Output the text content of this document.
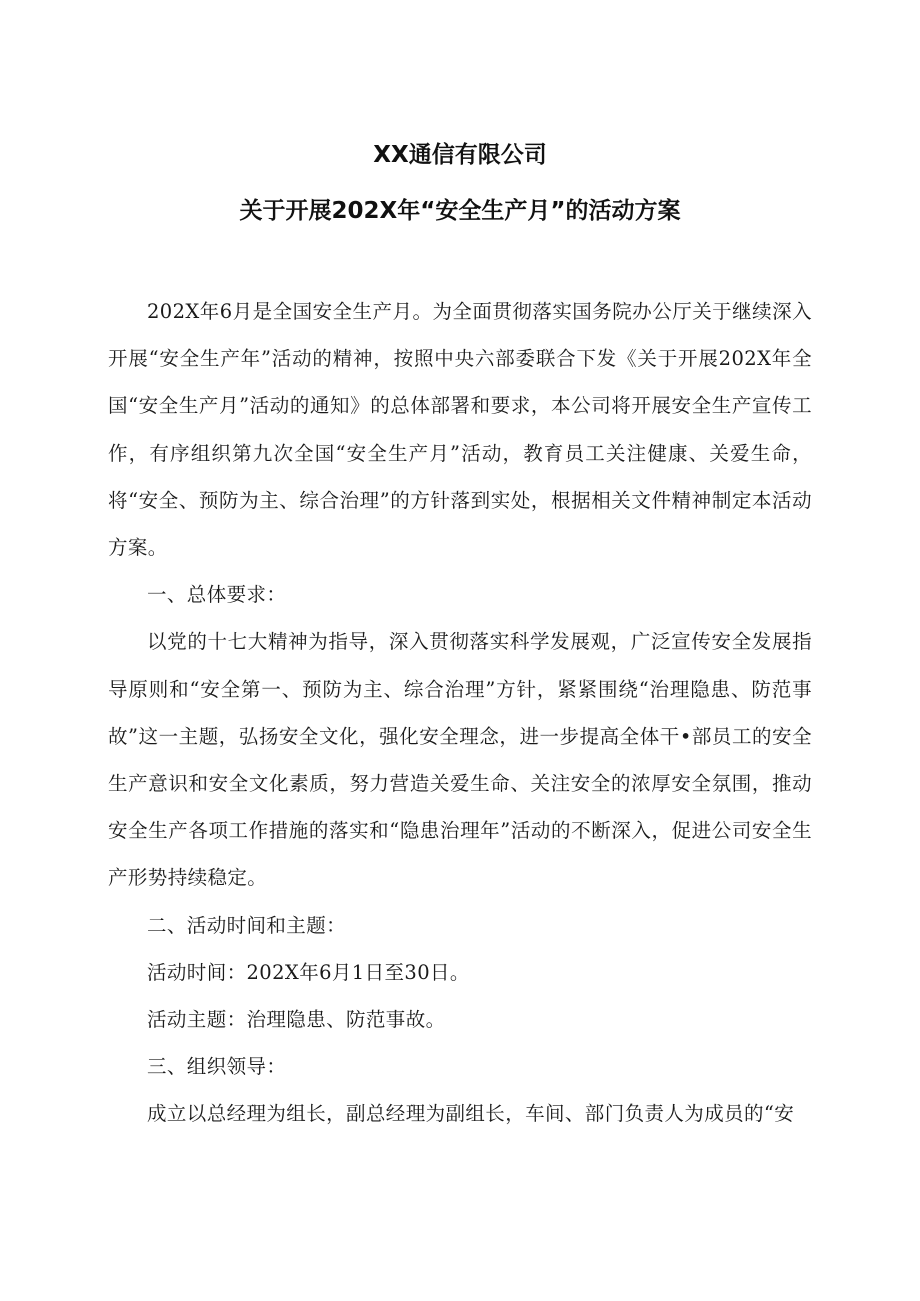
XX通信有限公司
关于开展202X年“安全生产月”的活动方案

202X年6月是全国安全生产月。为全面贯彻落实国务院办公厅关于继续深入开展“安全生产年”活动的精神，按照中央六部委联合下发《关于开展202X年全国“安全生产月”活动的通知》的总体部署和要求，本公司将开展安全生产宣传工作，有序组织第九次全国“安全生产月”活动，教育员工关注健康、关爱生命，将“安全、预防为主、综合治理”的方针落到实处，根据相关文件精神制定本活动方案。

一、总体要求：

以党的十七大精神为指导，深入贯彻落实科学发展观，广泛宣传安全发展指导原则和“安全第一、预防为主、综合治理”方针，紧紧围绕“治理隐患、防范事故”这一主题，弘扬安全文化，强化安全理念，进一步提高全体干•部员工的安全生产意识和安全文化素质，努力营造关爱生命、关注安全的浓厚安全氛围，推动安全生产各项工作措施的落实和“隐患治理年”活动的不断深入，促进公司安全生产形势持续稳定。

二、活动时间和主题：

活动时间：202X年6月1日至30日。

活动主题：治理隐患、防范事故。

三、组织领导：

成立以总经理为组长，副总经理为副组长，车间、部门负责人为成员的“安
